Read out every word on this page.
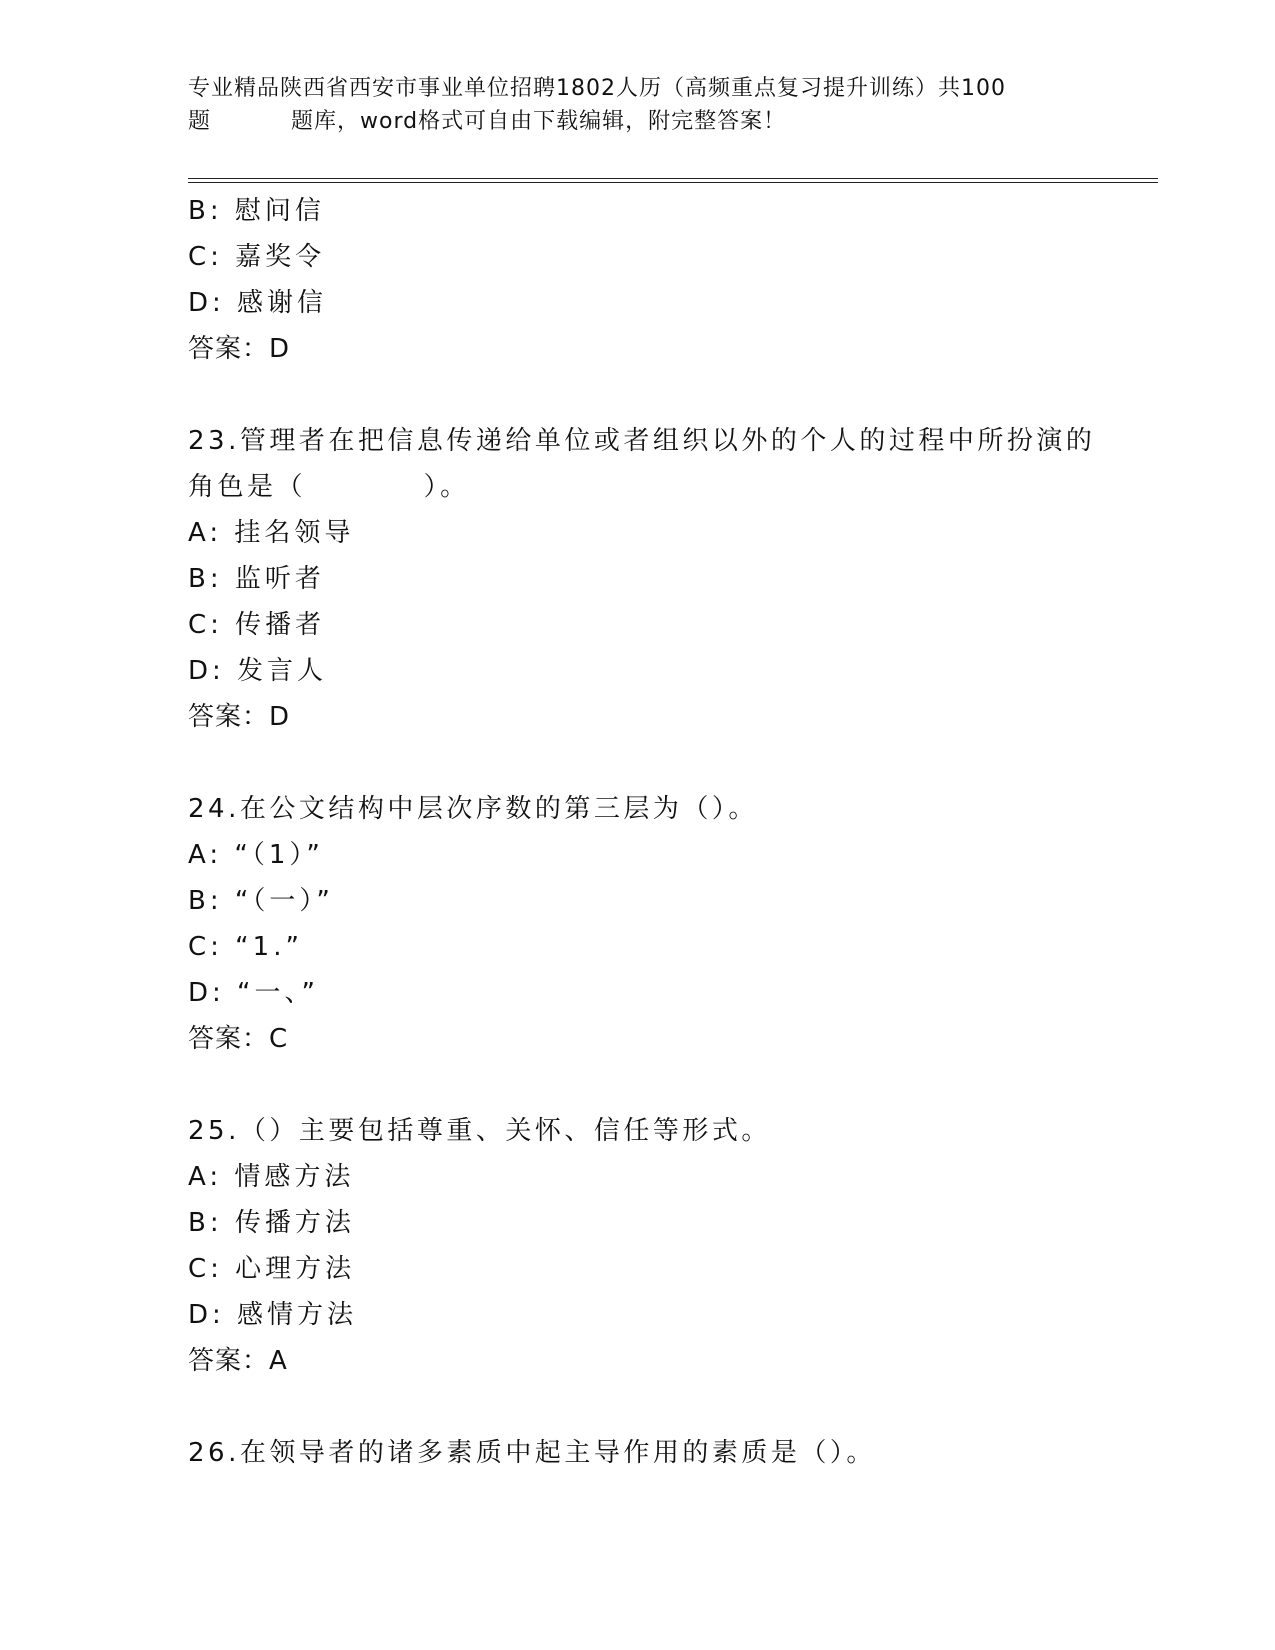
专业精品陕西省西安市事业单位招聘1802人历（高频重点复习提升训练）共100
题	题库，word格式可自由下载编辑，附完整答案！
B: 慰问信
C: 嘉奖令
D: 感谢信
答案：D
23.管理者在把信息传递给单位或者组织以外的个人的过程中所扮演的
角色是（          ）。
A: 挂名领导
B: 监听者
C: 传播者
D: 发言人
答案：D
24.在公文结构中层次序数的第三层为（）。
A: “（1）”
B: “（一）”
C: “1.”
D: “一、”
答案：C
25.（）主要包括尊重、关怀、信任等形式。
A: 情感方法
B: 传播方法
C: 心理方法
D: 感情方法
答案：A
26.在领导者的诸多素质中起主导作用的素质是（）。
